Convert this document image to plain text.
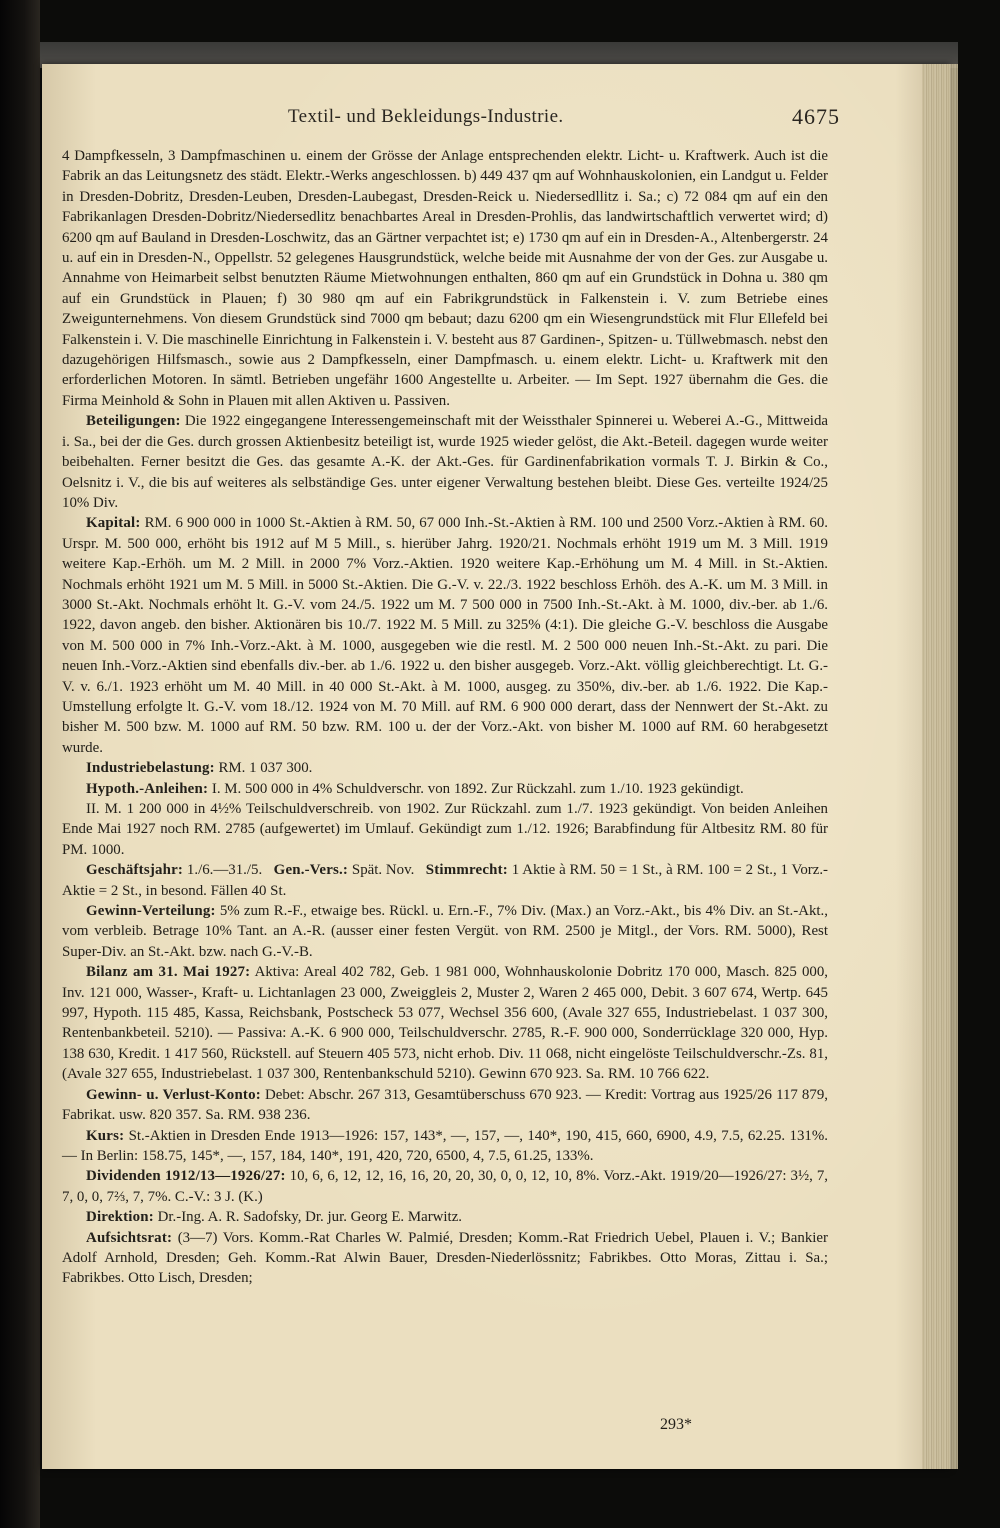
Textil- und Bekleidungs-Industrie.	4675

4 Dampfkesseln, 3 Dampfmaschinen u. einem der Grösse der Anlage entsprechenden elektr. Licht- u. Kraftwerk. Auch ist die Fabrik an das Leitungsnetz des städt. Elektr.-Werks angeschlossen. b) 449 437 qm auf Wohnhauskolonien, ein Landgut u. Felder in Dresden-Dobritz, Dresden-Leuben, Dresden-Laubegast, Dresden-Reick u. Niedersedllitz i. Sa.; c) 72 084 qm auf ein den Fabrikanlagen Dresden-Dobritz/Niedersedlitz benachbartes Areal in Dresden-Prohlis, das landwirtschaftlich verwertet wird; d) 6200 qm auf Bauland in Dresden-Loschwitz, das an Gärtner verpachtet ist; e) 1730 qm auf ein in Dresden-A., Altenbergerstr. 24 u. auf ein in Dresden-N., Oppellstr. 52 gelegenes Hausgrundstück, welche beide mit Ausnahme der von der Ges. zur Ausgabe u. Annahme von Heimarbeit selbst benutzten Räume Mietwohnungen enthalten, 860 qm auf ein Grundstück in Dohna u. 380 qm auf ein Grundstück in Plauen; f) 30 980 qm auf ein Fabrikgrundstück in Falkenstein i. V. zum Betriebe eines Zweigunternehmens. Von diesem Grundstück sind 7000 qm bebaut; dazu 6200 qm ein Wiesengrundstück mit Flur Ellefeld bei Falkenstein i. V. Die maschinelle Einrichtung in Falkenstein i. V. besteht aus 87 Gardinen-, Spitzen- u. Tüllwebmasch. nebst den dazugehörigen Hilfsmasch., sowie aus 2 Dampfkesseln, einer Dampfmasch. u. einem elektr. Licht- u. Kraftwerk mit den erforderlichen Motoren. In sämtl. Betrieben ungefähr 1600 Angestellte u. Arbeiter. — Im Sept. 1927 übernahm die Ges. die Firma Meinhold & Sohn in Plauen mit allen Aktiven u. Passiven.

Beteiligungen: Die 1922 eingegangene Interessengemeinschaft mit der Weissthaler Spinnerei u. Weberei A.-G., Mittweida i. Sa., bei der die Ges. durch grossen Aktienbesitz beteiligt ist, wurde 1925 wieder gelöst, die Akt.-Beteil. dagegen wurde weiter beibehalten. Ferner besitzt die Ges. das gesamte A.-K. der Akt.-Ges. für Gardinenfabrikation vormals T. J. Birkin & Co., Oelsnitz i. V., die bis auf weiteres als selbständige Ges. unter eigener Verwaltung bestehen bleibt. Diese Ges. verteilte 1924/25 10% Div.

Kapital: RM. 6 900 000 in 1000 St.-Aktien à RM. 50, 67 000 Inh.-St.-Aktien à RM. 100 und 2500 Vorz.-Aktien à RM. 60. Urspr. M. 500 000, erhöht bis 1912 auf M 5 Mill., s. hierüber Jahrg. 1920/21. Nochmals erhöht 1919 um M. 3 Mill. 1919 weitere Kap.-Erhöh. um M. 2 Mill. in 2000 7% Vorz.-Aktien. 1920 weitere Kap.-Erhöhung um M. 4 Mill. in St.-Aktien. Nochmals erhöht 1921 um M. 5 Mill. in 5000 St.-Aktien. Die G.-V. v. 22./3. 1922 beschloss Erhöh. des A.-K. um M. 3 Mill. in 3000 St.-Akt. Nochmals erhöht lt. G.-V. vom 24./5. 1922 um M. 7 500 000 in 7500 Inh.-St.-Akt. à M. 1000, div.-ber. ab 1./6. 1922, davon angeb. den bisher. Aktionären bis 10./7. 1922 M. 5 Mill. zu 325% (4:1). Die gleiche G.-V. beschloss die Ausgabe von M. 500 000 in 7% Inh.-Vorz.-Akt. à M. 1000, ausgegeben wie die restl. M. 2 500 000 neuen Inh.-St.-Akt. zu pari. Die neuen Inh.-Vorz.-Aktien sind ebenfalls div.-ber. ab 1./6. 1922 u. den bisher ausgegeb. Vorz.-Akt. völlig gleichberechtigt. Lt. G.-V. v. 6./1. 1923 erhöht um M. 40 Mill. in 40 000 St.-Akt. à M. 1000, ausgeg. zu 350%, div.-ber. ab 1./6. 1922. Die Kap.-Umstellung erfolgte lt. G.-V. vom 18./12. 1924 von M. 70 Mill. auf RM. 6 900 000 derart, dass der Nennwert der St.-Akt. zu bisher M. 500 bzw. M. 1000 auf RM. 50 bzw. RM. 100 u. der der Vorz.-Akt. von bisher M. 1000 auf RM. 60 herabgesetzt wurde.

Industriebelastung: RM. 1 037 300.

Hypoth.-Anleihen: I. M. 500 000 in 4% Schuldverschr. von 1892. Zur Rückzahl. zum 1./10. 1923 gekündigt.

II. M. 1 200 000 in 4½% Teilschuldverschreib. von 1902. Zur Rückzahl. zum 1./7. 1923 gekündigt. Von beiden Anleihen Ende Mai 1927 noch RM. 2785 (aufgewertet) im Umlauf. Gekündigt zum 1./12. 1926; Barabfindung für Altbesitz RM. 80 für PM. 1000.

Geschäftsjahr: 1./6.—31./5. Gen.-Vers.: Spät. Nov. Stimmrecht: 1 Aktie à RM. 50 = 1 St., à RM. 100 = 2 St., 1 Vorz.-Aktie = 2 St., in besond. Fällen 40 St.

Gewinn-Verteilung: 5% zum R.-F., etwaige bes. Rückl. u. Ern.-F., 7% Div. (Max.) an Vorz.-Akt., bis 4% Div. an St.-Akt., vom verbleib. Betrage 10% Tant. an A.-R. (ausser einer festen Vergüt. von RM. 2500 je Mitgl., der Vors. RM. 5000), Rest Super-Div. an St.-Akt. bzw. nach G.-V.-B.

Bilanz am 31. Mai 1927: Aktiva: Areal 402 782, Geb. 1 981 000, Wohnhauskolonie Dobritz 170 000, Masch. 825 000, Inv. 121 000, Wasser-, Kraft- u. Lichtanlagen 23 000, Zweiggleis 2, Muster 2, Waren 2 465 000, Debit. 3 607 674, Wertp. 645 997, Hypoth. 115 485, Kassa, Reichsbank, Postscheck 53 077, Wechsel 356 600, (Avale 327 655, Industriebelast. 1 037 300, Rentenbankbeteil. 5210). — Passiva: A.-K. 6 900 000, Teilschuldverschr. 2785, R.-F. 900 000, Sonderrücklage 320 000, Hyp. 138 630, Kredit. 1 417 560, Rückstell. auf Steuern 405 573, nicht erhob. Div. 11 068, nicht eingelöste Teilschuldverschr.-Zs. 81, (Avale 327 655, Industriebelast. 1 037 300, Rentenbankschuld 5210). Gewinn 670 923. Sa. RM. 10 766 622.

Gewinn- u. Verlust-Konto: Debet: Abschr. 267 313, Gesamtüberschuss 670 923. — Kredit: Vortrag aus 1925/26 117 879, Fabrikat. usw. 820 357. Sa. RM. 938 236.

Kurs: St.-Aktien in Dresden Ende 1913—1926: 157, 143*, —, 157, —, 140*, 190, 415, 660, 6900, 4.9, 7.5, 62.25. 131%. — In Berlin: 158.75, 145*, —, 157, 184, 140*, 191, 420, 720, 6500, 4, 7.5, 61.25, 133%.

Dividenden 1912/13—1926/27: 10, 6, 6, 12, 12, 16, 16, 20, 20, 30, 0, 0, 12, 10, 8%. Vorz.-Akt. 1919/20—1926/27: 3½, 7, 7, 0, 0, 7⅔, 7, 7%. C.-V.: 3 J. (K.)

Direktion: Dr.-Ing. A. R. Sadofsky, Dr. jur. Georg E. Marwitz.

Aufsichtsrat: (3—7) Vors. Komm.-Rat Charles W. Palmié, Dresden; Komm.-Rat Friedrich Uebel, Plauen i. V.; Bankier Adolf Arnhold, Dresden; Geh. Komm.-Rat Alwin Bauer, Dresden-Niederlössnitz; Fabrikbes. Otto Moras, Zittau i. Sa.; Fabrikbes. Otto Lisch, Dresden;

293*
